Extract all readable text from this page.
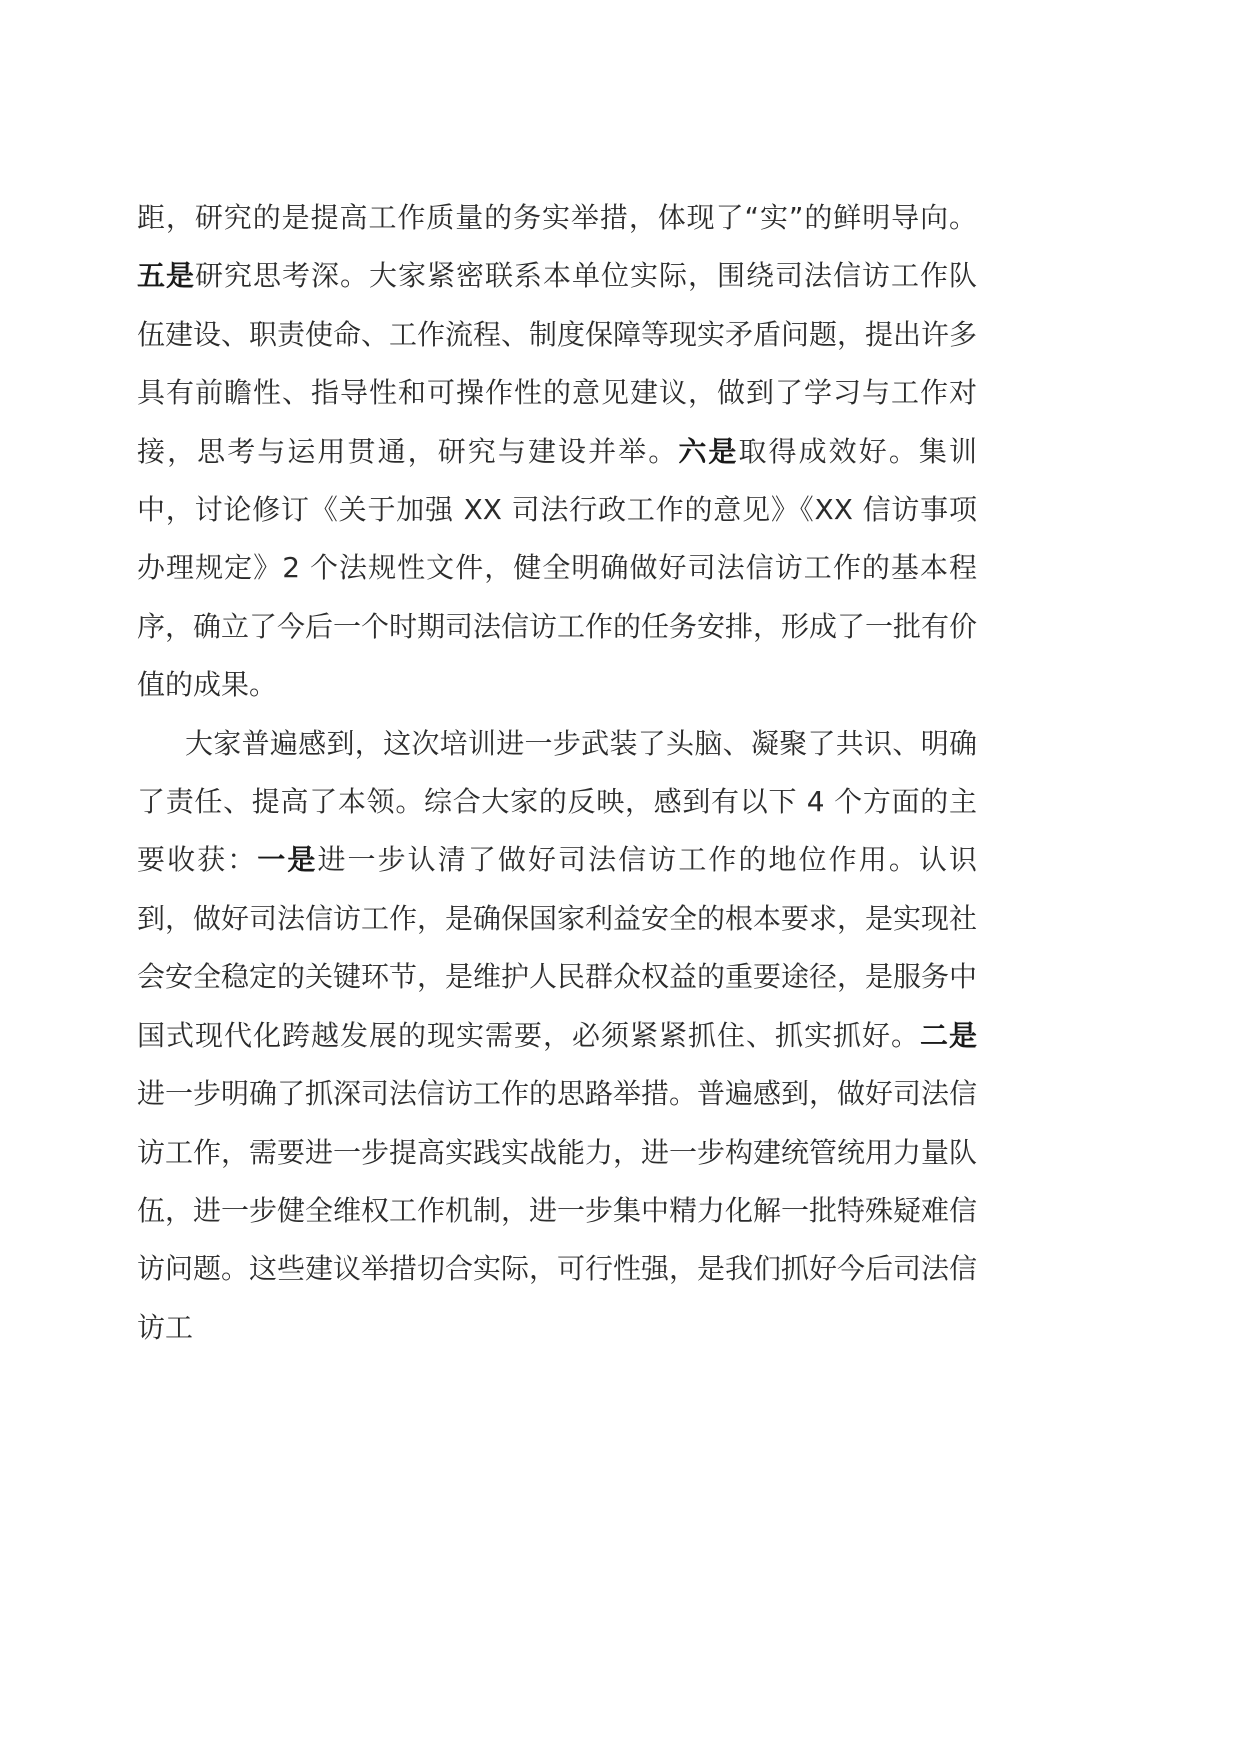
距，研究的是提高工作质量的务实举措，体现了“实”的鲜明导向。五是研究思考深。大家紧密联系本单位实际，围绕司法信访工作队伍建设、职责使命、工作流程、制度保障等现实矛盾问题，提出许多具有前瞻性、指导性和可操作性的意见建议，做到了学习与工作对接，思考与运用贯通，研究与建设并举。六是取得成效好。集训中，讨论修订《关于加强 XX 司法行政工作的意见》《XX 信访事项办理规定》2 个法规性文件，健全明确做好司法信访工作的基本程序，确立了今后一个时期司法信访工作的任务安排，形成了一批有价值的成果。

大家普遍感到，这次培训进一步武装了头脑、凝聚了共识、明确了责任、提高了本领。综合大家的反映，感到有以下 4 个方面的主要收获：一是进一步认清了做好司法信访工作的地位作用。认识到，做好司法信访工作，是确保国家利益安全的根本要求，是实现社会安全稳定的关键环节，是维护人民群众权益的重要途径，是服务中国式现代化跨越发展的现实需要，必须紧紧抓住、抓实抓好。二是进一步明确了抓深司法信访工作的思路举措。普遍感到，做好司法信访工作，需要进一步提高实践实战能力，进一步构建统管统用力量队伍，进一步健全维权工作机制，进一步集中精力化解一批特殊疑难信访问题。这些建议举措切合实际，可行性强，是我们抓好今后司法信访工
